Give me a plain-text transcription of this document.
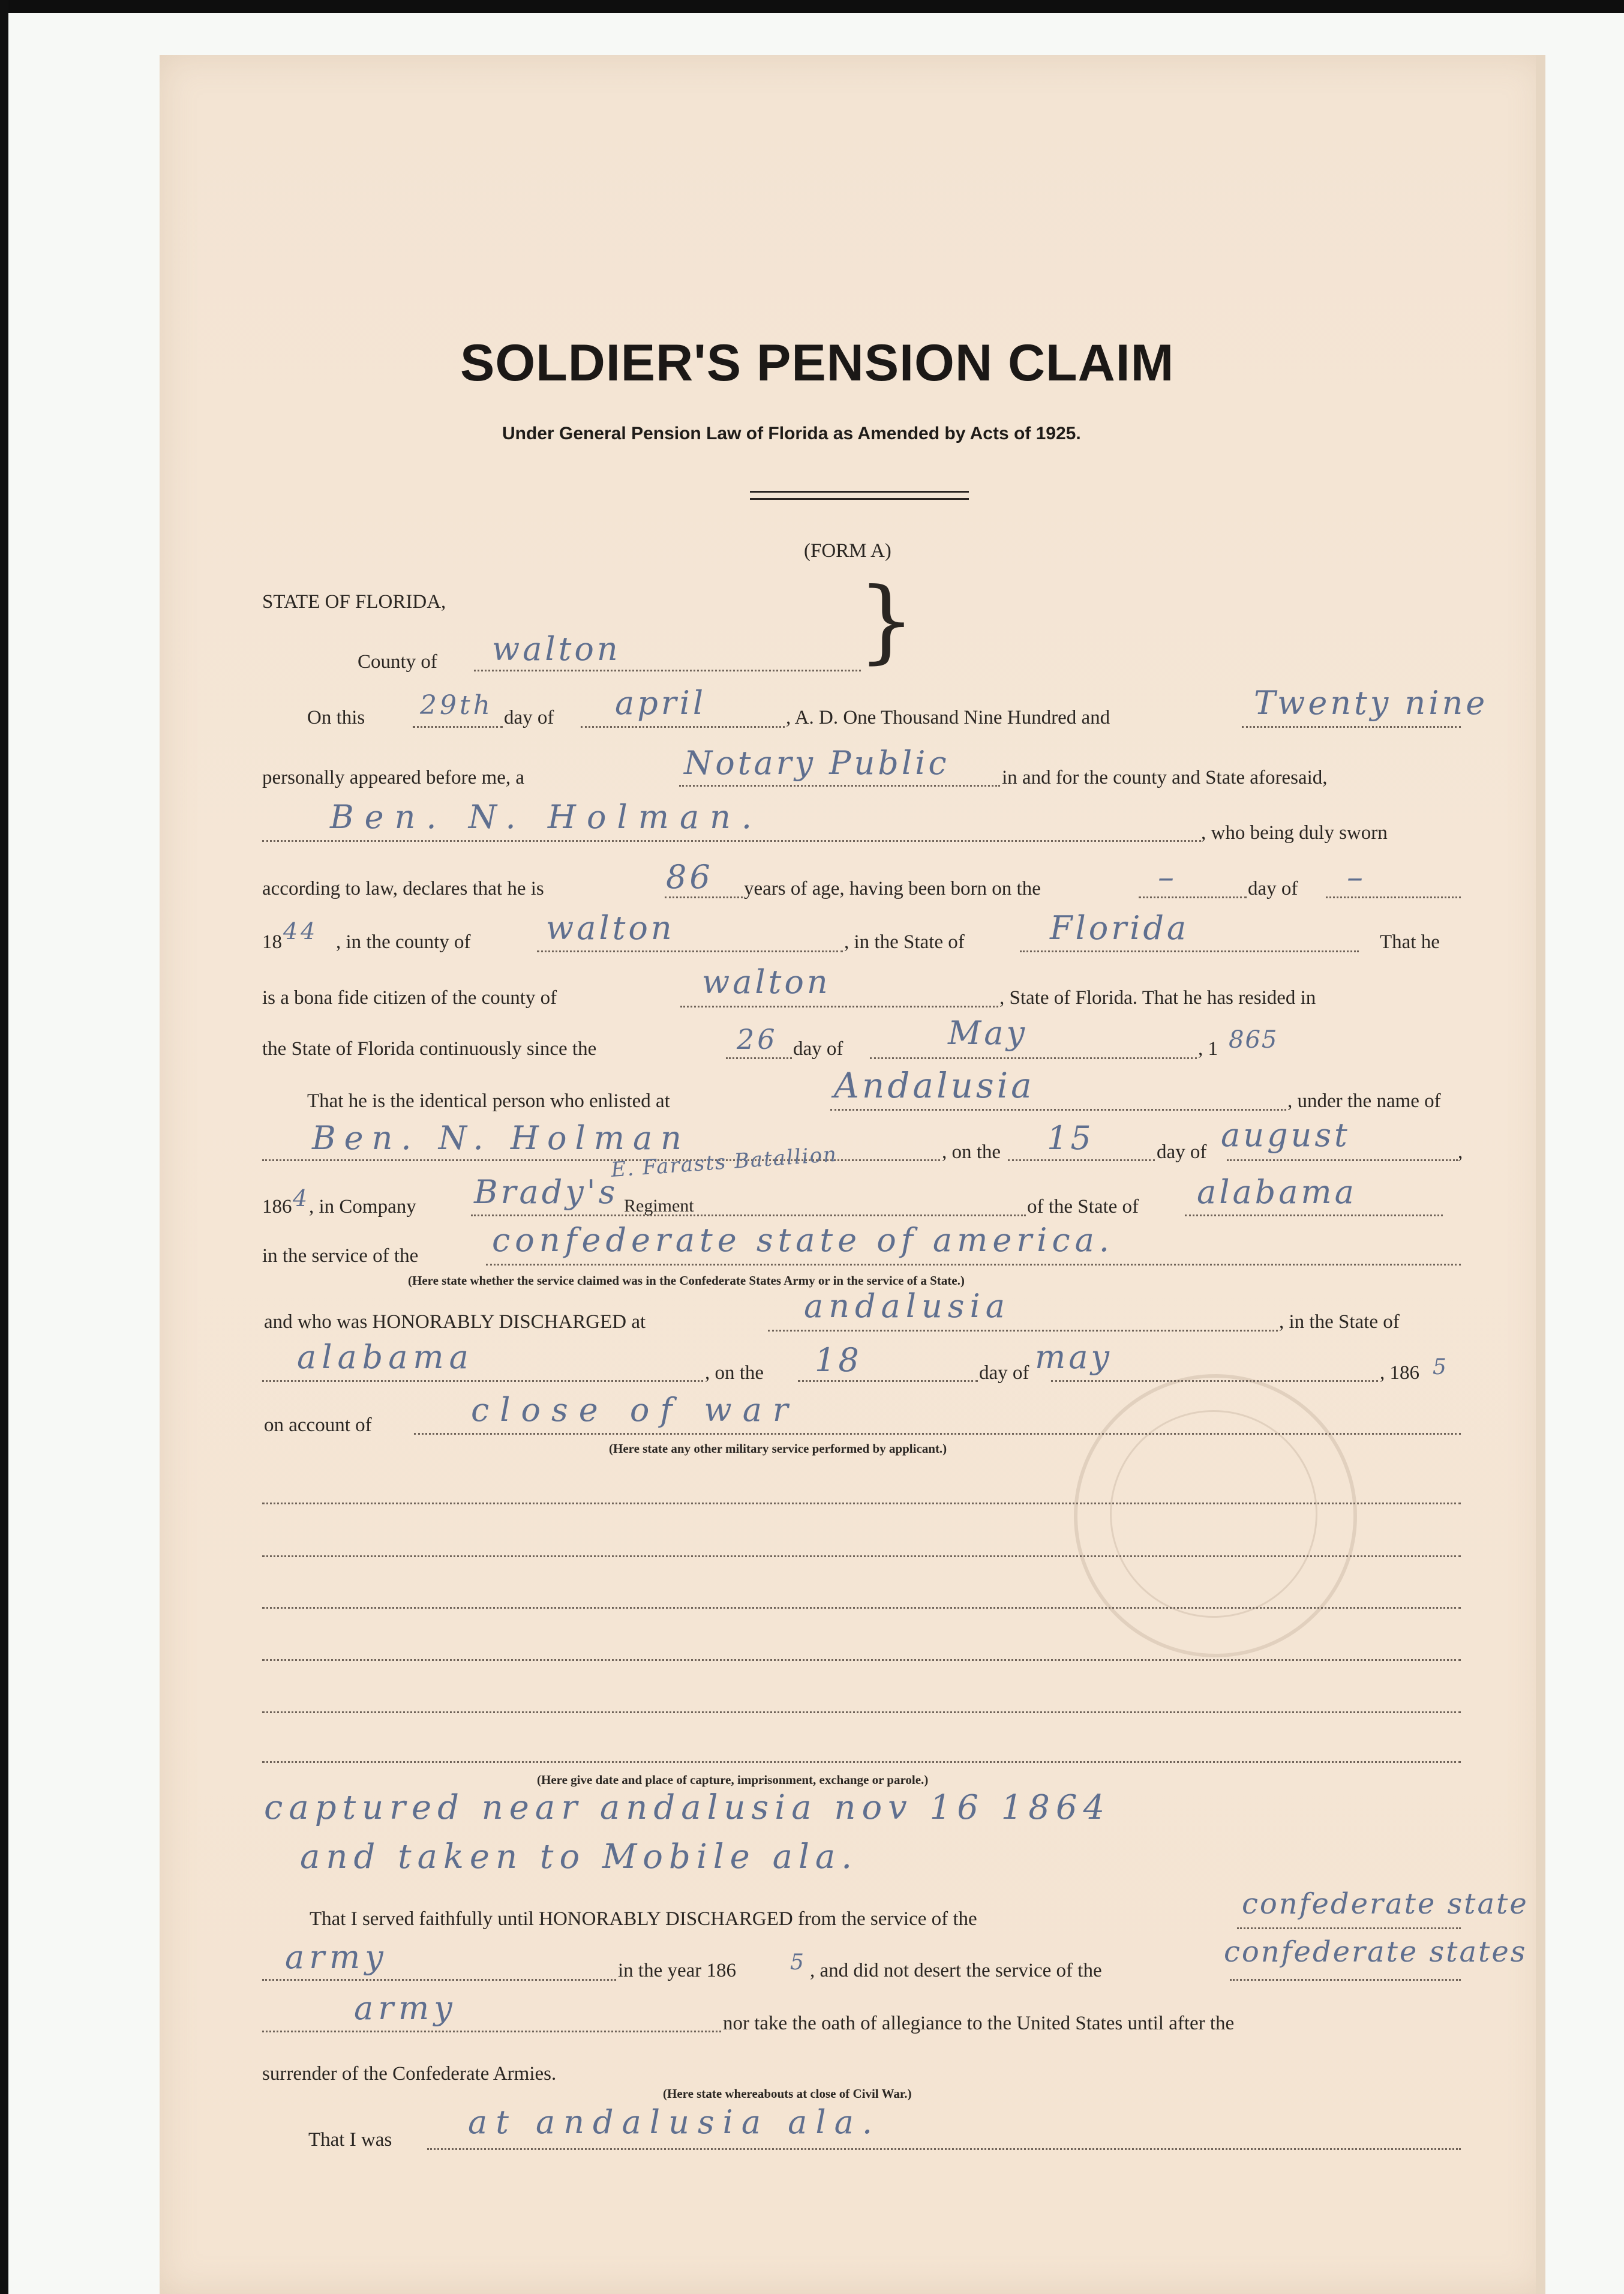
SOLDIER'S PENSION CLAIM
Under General Pension Law of Florida as Amended by Acts of 1925.
(FORM A)
STATE OF FLORIDA,	}
County of walton
On this 29th day of april	, A. D. One Thousand Nine Hundred and	Twenty nine
personally appeared before me, a	Notary Public	in and for the county and State aforesaid,
Ben. N. Holman.	, who being duly sworn
according to law, declares that he is	86 years of age, having been born on the	–	day of –
18 44 , in the county of walton	, in the State of	Florida	That he
is a bona fide citizen of the county of	walton	, State of Florida. That he has resided in
the State of Florida continuously since the	26 day of	May	, 1 865
That he is the identical person who enlisted at	Andalusia	, under the name of
Ben. N. Holman	, on the 15	day of august	,
186 4
, in Company Brady's Regiment
E. Farasts Batallion
of the State of alabama
in the service of the confederate state of america.
(Here state whether the service claimed was in the Confederate States Army or in the service of a State.)
and who was HONORABLY DISCHARGED at	andalusia	, in the State of
alabama	, on the 18	day of may	, 186 5
on account of	close of war
(Here state any other military service performed by applicant.)
(Here give date and place of capture, imprisonment, exchange or parole.)
captured near andalusia nov 16 1864
and taken to Mobile ala.
That I served faithfully until HONORABLY DISCHARGED from the service of the	confederate state
army	in the year 186 5 , and did not desert the service of the
confederate states
army	nor take the oath of allegiance to the United States until after the
surrender of the Confederate Armies.
(Here state whereabouts at close of Civil War.)
That I was at andalusia ala.
